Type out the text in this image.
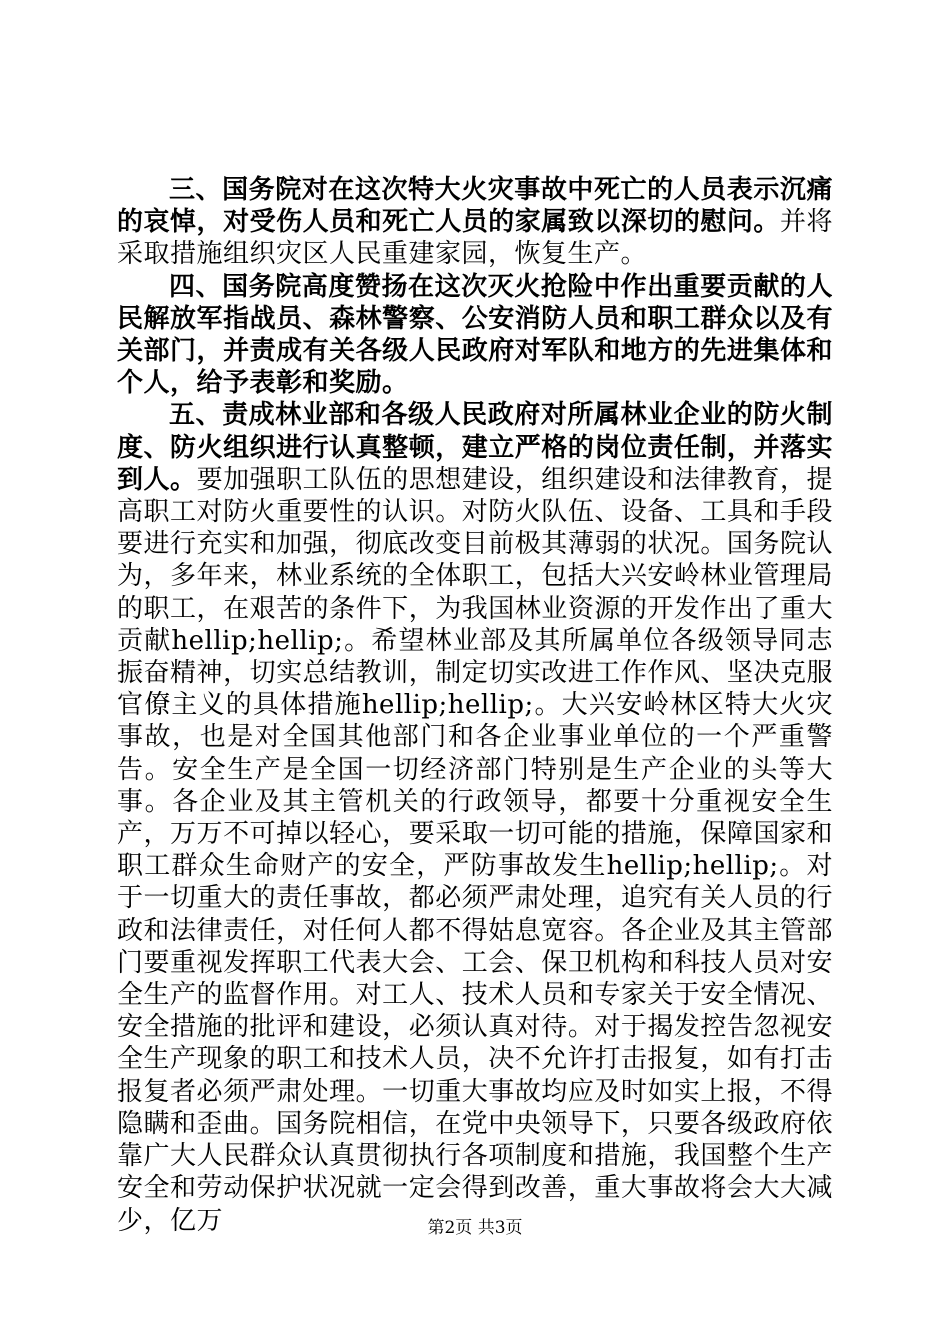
三、国务院对在这次特大火灾事故中死亡的人员表示沉痛的哀悼，对受伤人员和死亡人员的家属致以深切的慰问。并将采取措施组织灾区人民重建家园，恢复生产。

四、国务院高度赞扬在这次灭火抢险中作出重要贡献的人民解放军指战员、森林警察、公安消防人员和职工群众以及有关部门，并责成有关各级人民政府对军队和地方的先进集体和个人，给予表彰和奖励。

五、责成林业部和各级人民政府对所属林业企业的防火制度、防火组织进行认真整顿，建立严格的岗位责任制，并落实到人。要加强职工队伍的思想建设，组织建设和法律教育，提高职工对防火重要性的认识。对防火队伍、设备、工具和手段要进行充实和加强，彻底改变目前极其薄弱的状况。国务院认为，多年来，林业系统的全体职工，包括大兴安岭林业管理局的职工，在艰苦的条件下，为我国林业资源的开发作出了重大贡献hellip;hellip;。希望林业部及其所属单位各级领导同志振奋精神，切实总结教训，制定切实改进工作作风、坚决克服官僚主义的具体措施hellip;hellip;。大兴安岭林区特大火灾事故，也是对全国其他部门和各企业事业单位的一个严重警告。安全生产是全国一切经济部门特别是生产企业的头等大事。各企业及其主管机关的行政领导，都要十分重视安全生产，万万不可掉以轻心，要采取一切可能的措施，保障国家和职工群众生命财产的安全，严防事故发生hellip;hellip;。对于一切重大的责任事故，都必须严肃处理，追究有关人员的行政和法律责任，对任何人都不得姑息宽容。各企业及其主管部门要重视发挥职工代表大会、工会、保卫机构和科技人员对安全生产的监督作用。对工人、技术人员和专家关于安全情况、安全措施的批评和建设，必须认真对待。对于揭发控告忽视安全生产现象的职工和技术人员，决不允许打击报复，如有打击报复者必须严肃处理。一切重大事故均应及时如实上报，不得隐瞒和歪曲。国务院相信，在党中央领导下，只要各级政府依靠广大人民群众认真贯彻执行各项制度和措施，我国整个生产安全和劳动保护状况就一定会得到改善，重大事故将会大大减少，亿万	第2页 共3页
